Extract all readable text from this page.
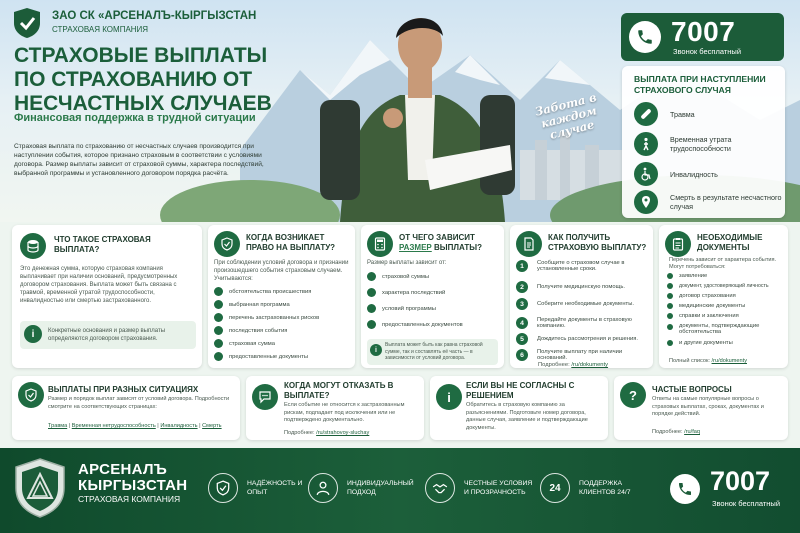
ЗАО СК «АРСЕНАЛЪ-КЫРГЫЗСТАН
СТРАХОВАЯ КОМПАНИЯ
СТРАХОВЫЕ ВЫПЛАТЫ ПО СТРАХОВАНИЮ ОТ НЕСЧАСТНЫХ СЛУЧАЕВ
Финансовая поддержка в трудной ситуации
Страховая выплата по страхованию от несчастных случаев производится при наступлении события, которое признано страховым в соответствии с условиями договора. Размер выплаты зависит от страховой суммы, характера последствий, выбранной программы и установленного договором порядка расчёта.
Забота в каждом случае
7007
Звонок бесплатный
ВЫПЛАТА ПРИ НАСТУПЛЕНИИ СТРАХОВОГО СЛУЧАЯ
Травма
Временная утрата трудоспособности
Инвалидность
Смерть в результате несчастного случая
ЧТО ТАКОЕ СТРАХОВАЯ ВЫПЛАТА?
Это денежная сумма, которую страховая компания выплачивает при наличии оснований, предусмотренных договором страхования. Выплата может быть связана с травмой, временной утратой трудоспособности, инвалидностью или смертью застрахованного.
i Конкретные основания и размер выплаты определяются договором страхования.
КОГДА ВОЗНИКАЕТ ПРАВО НА ВЫПЛАТУ?
При соблюдении условий договора и признании произошедшего события страховым случаем. Учитываются:
обстоятельства происшествия
выбранная программа
перечень застрахованных рисков
последствия события
страховая сумма
предоставленные документы
ОТ ЧЕГО ЗАВИСИТ РАЗМЕР ВЫПЛАТЫ?
Размер выплаты зависит от:
страховой суммы
характера последствий
условий программы
предоставленных документов
i
Выплата может быть как равна страховой сумме, так и составлять её часть — в зависимости от условий договора.
КАК ПОЛУЧИТЬ СТРАХОВУЮ ВЫПЛАТУ?
1	Сообщите о страховом случае в установленные сроки.
2	Получите медицинскую помощь.
3	Соберите необходимые документы.
4	Передайте документы в страховую компанию.
5	Дождитесь рассмотрения и решения.
6	Получите выплату при наличии оснований.
Подробнее: /ru/dokumenty
НЕОБХОДИМЫЕ ДОКУМЕНТЫ
Перечень зависит от характера события. Могут потребоваться:
заявление
документ, удостоверяющий личность
договор страхования
медицинские документы
справки и заключения
документы, подтверждающие обстоятельства
и другие документы
Полный список: /ru/dokumenty
ВЫПЛАТЫ ПРИ РАЗНЫХ СИТУАЦИЯХ
Размер и порядок выплат зависят от условий договора. Подробности смотрите на соответствующих страницах:
Травма | Временная нетрудоспособность | Инвалидность | Смерть
КОГДА МОГУТ ОТКАЗАТЬ В ВЫПЛАТЕ?
Если событие не относится к застрахованным рискам, подпадает под исключения или не подтверждено документально.
Подробнее: /ru/strahovoy-sluchay
i
ЕСЛИ ВЫ НЕ СОГЛАСНЫ С РЕШЕНИЕМ
Обратитесь в страховую компанию за разъяснениями. Подготовьте номер договора, данные случая, заявление и подтверждающие документы.
? ЧАСТЫЕ ВОПРОСЫ
Ответы на самые популярные вопросы о страховых выплатах, сроках, документах и порядке действий.
Подробнее: /ru/faq
АРСЕНАЛЪ
КЫРГЫЗСТАН
СТРАХОВАЯ КОМПАНИЯ
НАДЁЖНОСТЬ И ОПЫТ
ИНДИВИДУАЛЬНЫЙ ПОДХОД
ЧЕСТНЫЕ УСЛОВИЯ И ПРОЗРАЧНОСТЬ	24	ПОДДЕРЖКА КЛИЕНТОВ 24/7	7007
Звонок бесплатный
